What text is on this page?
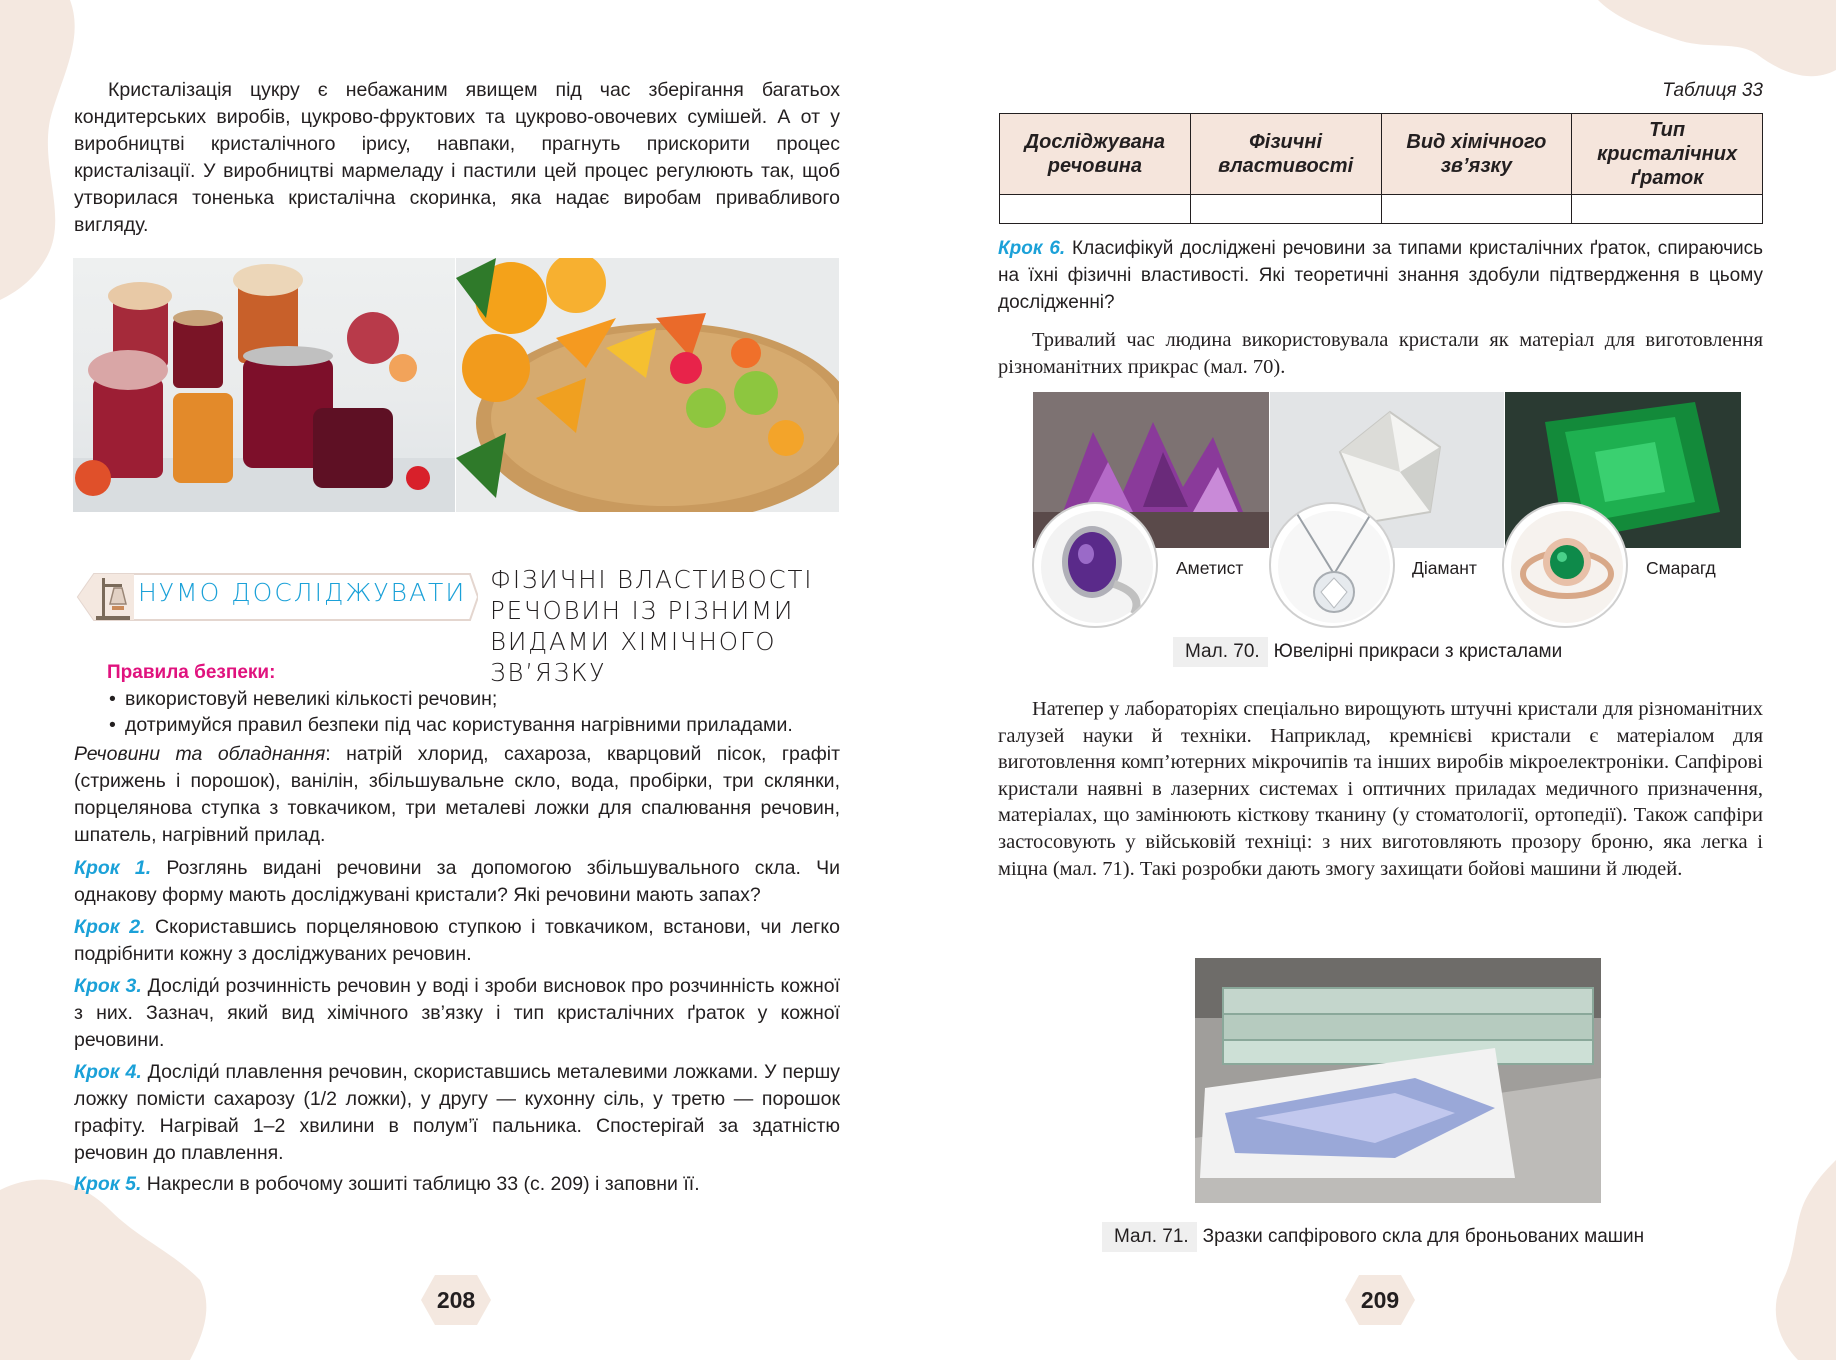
Кристалізація цукру є небажаним явищем під час зберігання багатьох кондитерських виробів, цукрово-фруктових та цукрово-овочевих сумішей. А от у виробництві кристалічного ірису, навпаки, прагнуть прискорити процес кристалізації. У виробництві мармеладу і пастили цей процес регулюють так, щоб утворилася тоненька кристалічна скоринка, яка надає виробам привабливого вигляду.

НУМО ДОСЛІДЖУВАТИ ФІЗИЧНІ ВЛАСТИВОСТІ РЕЧОВИН ІЗ РІЗНИМИ ВИДАМИ ХІМІЧНОГО ЗВ’ЯЗКУ
Правила безпеки:
• використовуй невеликі кількості речовин;
• дотримуйся правил безпеки під час користування нагрівними приладами.

Речовини та обладнання: натрій хлорид, сахароза, кварцовий пісок, графіт (стрижень і порошок), ванілін, збільшувальне скло, вода, пробірки, три склянки, порцелянова ступка з товкачиком, три металеві ложки для спалювання речовин, шпатель, нагрівний прилад.

Крок 1. Розглянь видані речовини за допомогою збільшувального скла. Чи однакову форму мають досліджувані кристали? Які речовини мають запах?

Крок 2. Скориставшись порцеляновою ступкою і товкачиком, встанови, чи легко подрібнити кожну з досліджуваних речовин.

Крок 3. Досліди́ розчинність речовин у воді і зроби висновок про розчинність кожної з них. Зазнач, який вид хімічного зв’язку і тип кристалічних ґраток у кожної речовини.

Крок 4. Досліди́ плавлення речовин, скориставшись металевими ложками. У першу ложку помісти сахарозу (1/2 ложки), у другу — кухонну сіль, у третю — порошок графіту. Нагрівай 1–2 хвилини в полум’ї пальника. Спостерігай за здатністю речовин до плавлення.

Крок 5. Накресли в робочому зошиті таблицю 33 (с. 209) і заповни її.

208
Таблиця 33
Досліджувана речовина	Фізичні властивості	Вид хімічного зв’язку	Тип кристалічних ґраток

Крок 6. Класифікуй досліджені речовини за типами кристалічних ґраток, спираючись на їхні фізичні властивості. Які теоретичні знання здобули підтвердження в цьому дослідженні?

Тривалий час людина використовувала кристали як матеріал для виготовлення різноманітних прикрас (мал. 70).

Аметист	Діамант	Смарагд
Мал. 70. Ювелірні прикраси з кристалами

Натепер у лабораторіях спеціально вирощують штучні кристали для різноманітних галузей науки й техніки. Наприклад, кремнієві кристали є матеріалом для виготовлення комп’ютерних мікрочипів та інших виробів мікроелектроніки. Сапфірові кристали наявні в лазерних системах і оптичних приладах медичного призначення, матеріалах, що замінюють кісткову тканину (у стоматології, ортопедії). Також сапфіри застосовують у військовій техніці: з них виготовляють прозору броню, яка легка і міцна (мал. 71). Такі розробки дають змогу захищати бойові машини й людей.

Мал. 71. Зразки сапфірового скла для броньованих машин
209
